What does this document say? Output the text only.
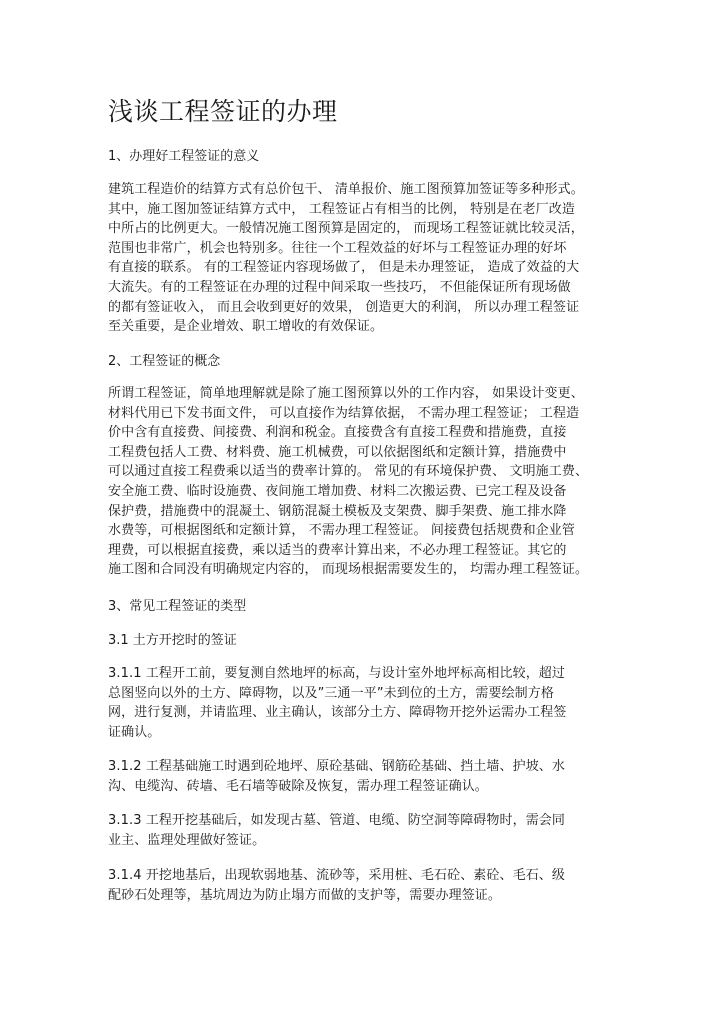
浅谈工程签证的办理
1、办理好工程签证的意义
建筑工程造价的结算方式有总价包干、 清单报价、施工图预算加签证等多种形式。
其中，施工图加签证结算方式中， 工程签证占有相当的比例， 特别是在老厂改造
中所占的比例更大。一般情况施工图预算是固定的， 而现场工程签证就比较灵活，
范围也非常广，机会也特别多。往往一个工程效益的好坏与工程签证办理的好坏
有直接的联系。 有的工程签证内容现场做了， 但是未办理签证， 造成了效益的大
大流失。有的工程签证在办理的过程中间采取一些技巧， 不但能保证所有现场做
的都有签证收入， 而且会收到更好的效果， 创造更大的利润， 所以办理工程签证
至关重要，是企业增效、职工增收的有效保证。
2、工程签证的概念
所谓工程签证，简单地理解就是除了施工图预算以外的工作内容， 如果设计变更、
材料代用已下发书面文件， 可以直接作为结算依据， 不需办理工程签证； 工程造
价中含有直接费、间接费、利润和税金。直接费含有直接工程费和措施费，直接
工程费包括人工费、材料费、施工机械费，可以依据图纸和定额计算，措施费中
可以通过直接工程费乘以适当的费率计算的。 常见的有环境保护费、 文明施工费、
安全施工费、临时设施费、夜间施工增加费、材料二次搬运费、已完工程及设备
保护费，措施费中的混凝土、钢筋混凝土模板及支架费、脚手架费、施工排水降
水费等，可根据图纸和定额计算， 不需办理工程签证。 间接费包括规费和企业管
理费，可以根据直接费，乘以适当的费率计算出来，不必办理工程签证。其它的
施工图和合同没有明确规定内容的， 而现场根据需要发生的， 均需办理工程签证。
3、常见工程签证的类型
3.1 土方开挖时的签证
3.1.1 工程开工前，要复测自然地坪的标高，与设计室外地坪标高相比较，超过
总图竖向以外的土方、障碍物，以及”三通一平”未到位的土方，需要绘制方格
网，进行复测，并请监理、业主确认，该部分土方、障碍物开挖外运需办工程签
证确认。
3.1.2 工程基础施工时遇到砼地坪、原砼基础、钢筋砼基础、挡土墙、护坡、水
沟、电缆沟、砖墙、毛石墙等破除及恢复，需办理工程签证确认。
3.1.3 工程开挖基础后，如发现古墓、管道、电缆、防空洞等障碍物时，需会同
业主、监理处理做好签证。
3.1.4 开挖地基后，出现软弱地基、流砂等，采用桩、毛石砼、素砼、毛石、级
配砂石处理等，基坑周边为防止塌方而做的支护等，需要办理签证。
